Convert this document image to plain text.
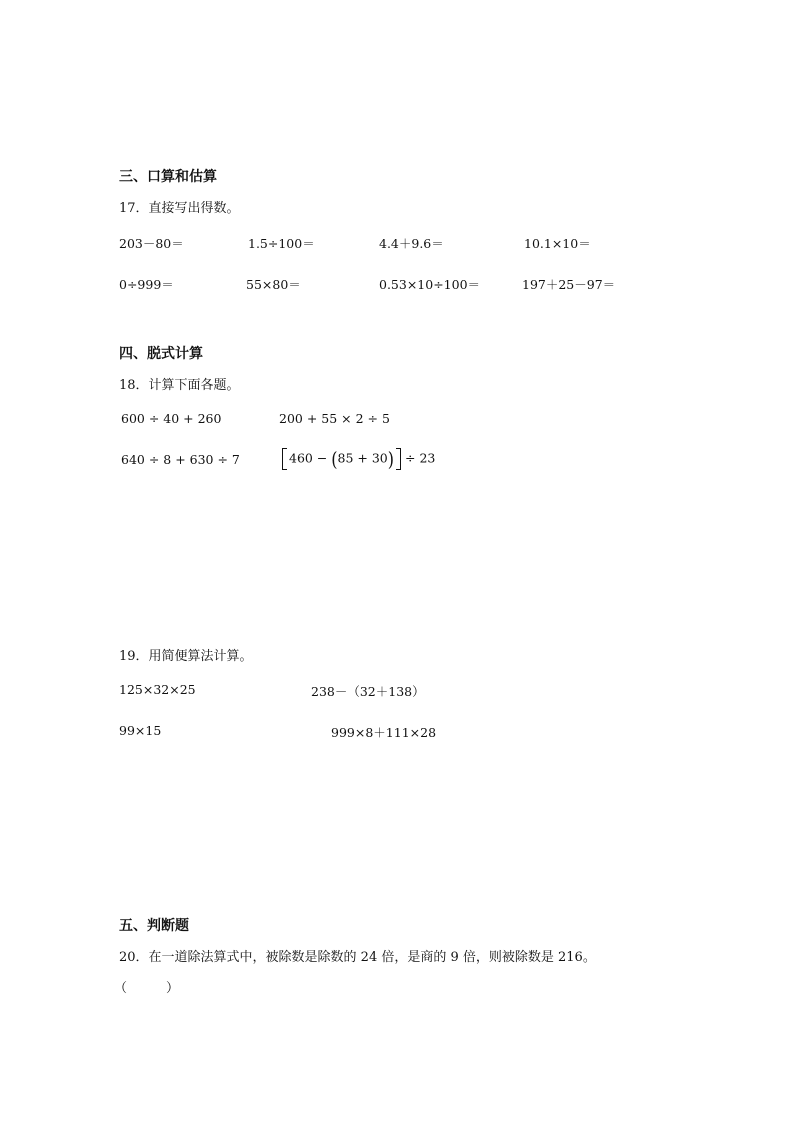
三、口算和估算
17．直接写出得数。
203－80＝	1.5÷100＝	4.4＋9.6＝	10.1×10＝
0÷999＝	55×80＝	0.53×10÷100＝	197＋25－97＝
四、脱式计算
18．计算下面各题。
600 ÷ 40 + 260	200 + 55 × 2 ÷ 5
640 ÷ 8 + 630 ÷ 7	460 − (85 + 30) ÷ 23
19．用简便算法计算。
125×32×25	238－（32＋138）
99×15	999×8＋111×28
五、判断题
20．在一道除法算式中，被除数是除数的 24 倍，是商的 9 倍，则被除数是 216。
（　　　）
